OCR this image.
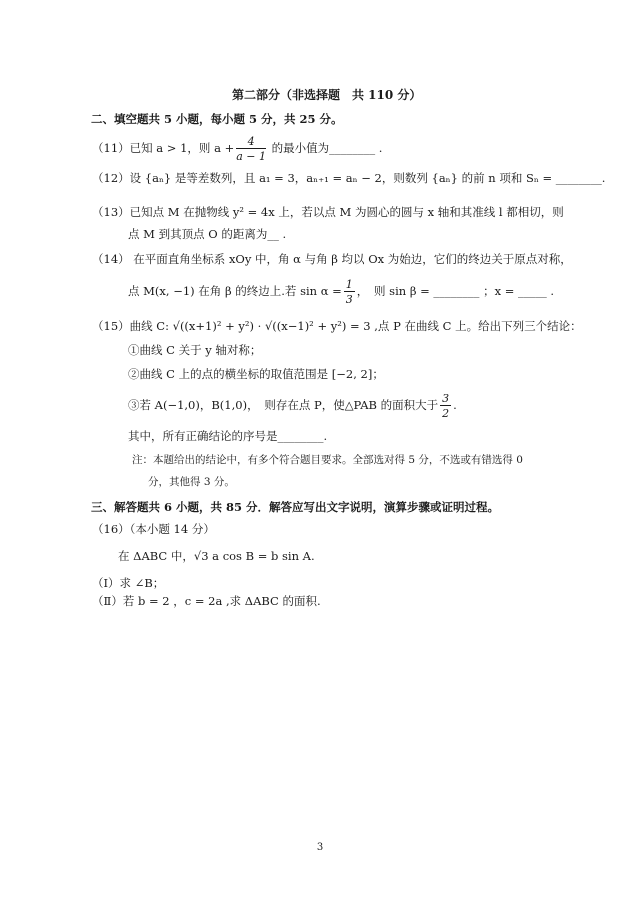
第二部分（非选择题　共 110 分）
二、填空题共 5 小题，每小题 5 分，共 25 分。
（11）已知 a > 1，则 $a + \frac{4}{a - 1}$ 的最小值为________ .
（12）设 {aₙ} 是等差数列，且 a₁ = 3，aₙ₊₁ = aₙ − 2，则数列 {aₙ} 的前 n 项和 Sₙ = ________.
（13）已知点 M 在抛物线 y² = 4x 上，若以点 M 为圆心的圆与 x 轴和其准线 l 都相切，则
点 M 到其顶点 O 的距离为__ .
（14） 在平面直角坐标系 xOy 中，角 α 与角 β 均以 Ox 为始边，它们的终边关于原点对称，
点 M(x, −1) 在角 β 的终边上.若 $\sin \alpha = \frac{1}{3}$ ，　则 sin β = ________ ；x = _____ .
（15）曲线 C: √((x+1)² + y²) · √((x−1)² + y²) = 3 ,点 P 在曲线 C 上。给出下列三个结论：
①曲线 C 关于 y 轴对称；
②曲线 C 上的点的横坐标的取值范围是 [−2, 2]；
③若 A(−1,0)，B(1,0)，　则存在点 P，使△PAB 的面积大于 $\frac{3}{2}$ .
其中，所有正确结论的序号是________.
注：本题给出的结论中，有多个符合题目要求。全部选对得 5 分，不选或有错选得 0
分，其他得 3 分。
三、解答题共 6 小题，共 85 分．解答应写出文字说明，演算步骤或证明过程。
（16）（本小题 14 分）
在 ΔABC 中，√3 a cos B = b sin A.
（Ⅰ）求 ∠B；
（Ⅱ）若 b = 2 ，c = 2a ,求 ΔABC 的面积.
3
